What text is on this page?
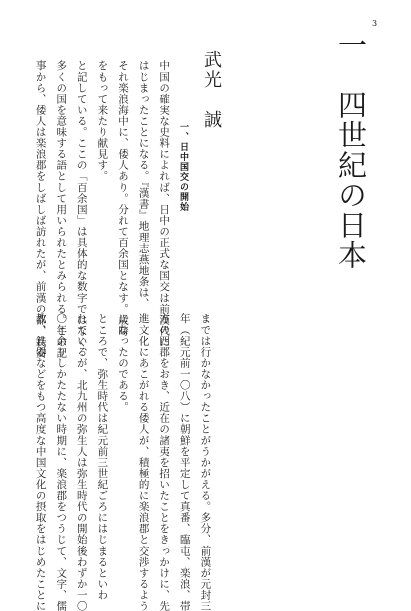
3
一　四世紀の日本
武光　誠
一、日中国交の開始
中国の確実な史料によれば、日中の正式な国交は前漢代に
はじまったことになる。『漢書』地理志燕地条は、
それ楽浪海中に、倭人あり。分れて百余国となす。歳時
をもって来たり献見す。
と記している。ここの「百余国」は具体的な数字ではなく、
多くの国を意味する語として用いられたとみられる。この記
事から、倭人は楽浪郡をしばしば訪れたが、前漢の都、長安
までは行かなかったことがうかがえる。多分、前漢が元封三
年（紀元前一〇八）に朝鮮を平定して真番、臨屯、楽浪、帯
方の四郡をおき、近在の諸夷を招いたことをきっかけに、先
進文化にあこがれる倭人が、積極的に楽浪郡と交渉するよう
になったのである。
ところで、弥生時代は紀元前三世紀ごろにはじまるといわ
れているが、北九州の弥生人は弥生時代の開始後わずか一〇
〇年余りしかたたない時期に、楽浪郡をつうじて、文字、儒
教、鉄器などをもつ高度な中国文化の摂取をはじめたことに
